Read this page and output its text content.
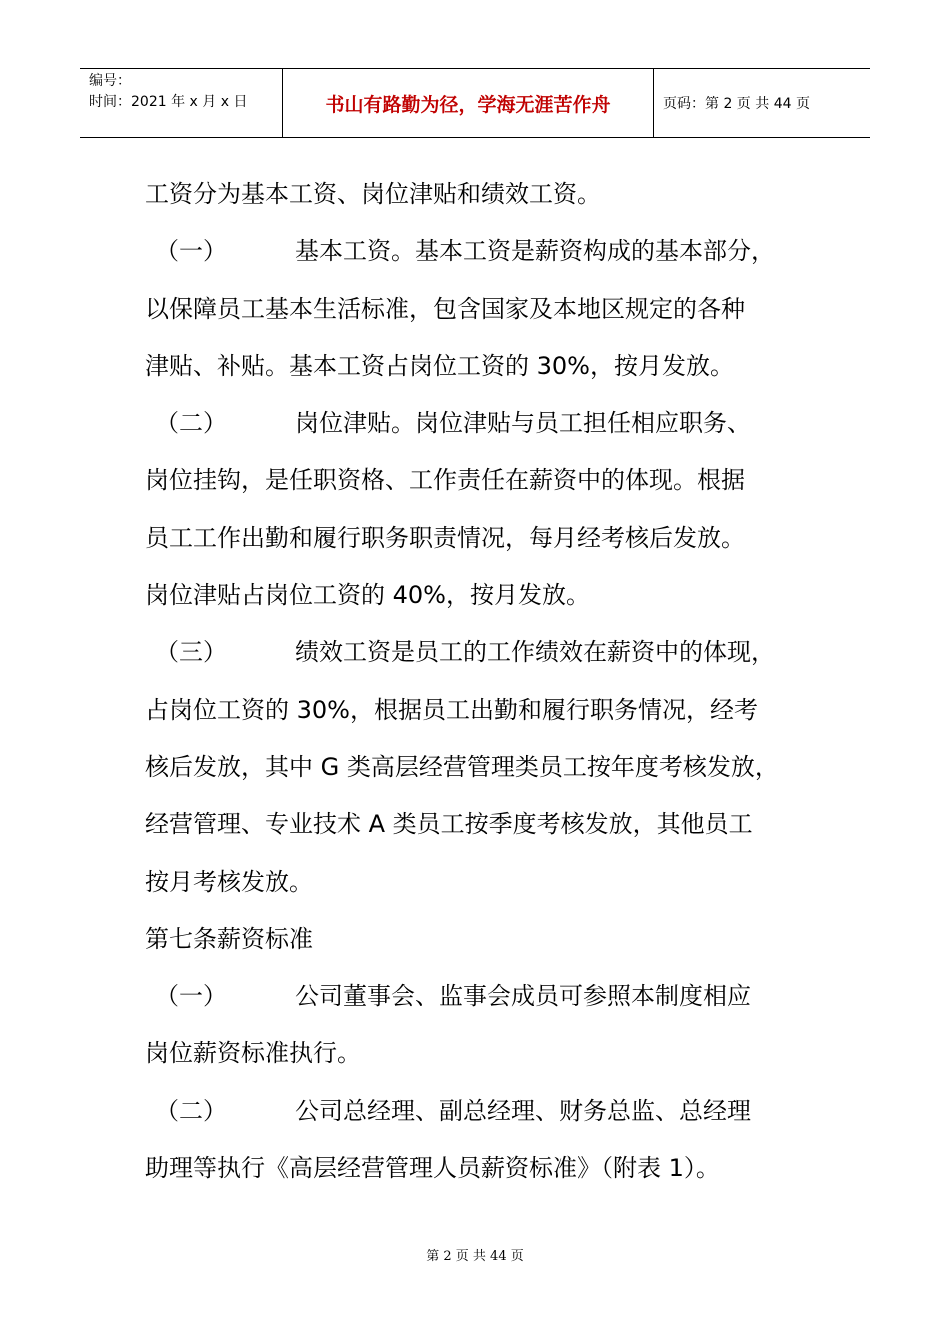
编号：
时间：2021 年 x 月 x 日	书山有路勤为径，学海无涯苦作舟	页码：第 2 页 共 44 页
工资分为基本工资、岗位津贴和绩效工资。
（一）	基本工资。基本工资是薪资构成的基本部分，
以保障员工基本生活标准，包含国家及本地区规定的各种
津贴、补贴。基本工资占岗位工资的 30%，按月发放。
（二）	岗位津贴。岗位津贴与员工担任相应职务、
岗位挂钩，是任职资格、工作责任在薪资中的体现。根据
员工工作出勤和履行职务职责情况，每月经考核后发放。
岗位津贴占岗位工资的 40%，按月发放。
（三）	绩效工资是员工的工作绩效在薪资中的体现，
占岗位工资的 30%，根据员工出勤和履行职务情况，经考
核后发放，其中 G 类高层经营管理类员工按年度考核发放，
经营管理、专业技术 A 类员工按季度考核发放，其他员工
按月考核发放。
第七条薪资标准
（一）	公司董事会、监事会成员可参照本制度相应
岗位薪资标准执行。
（二）	公司总经理、副总经理、财务总监、总经理
助理等执行《高层经营管理人员薪资标准》（附表 1）。
第 2 页 共 44 页
